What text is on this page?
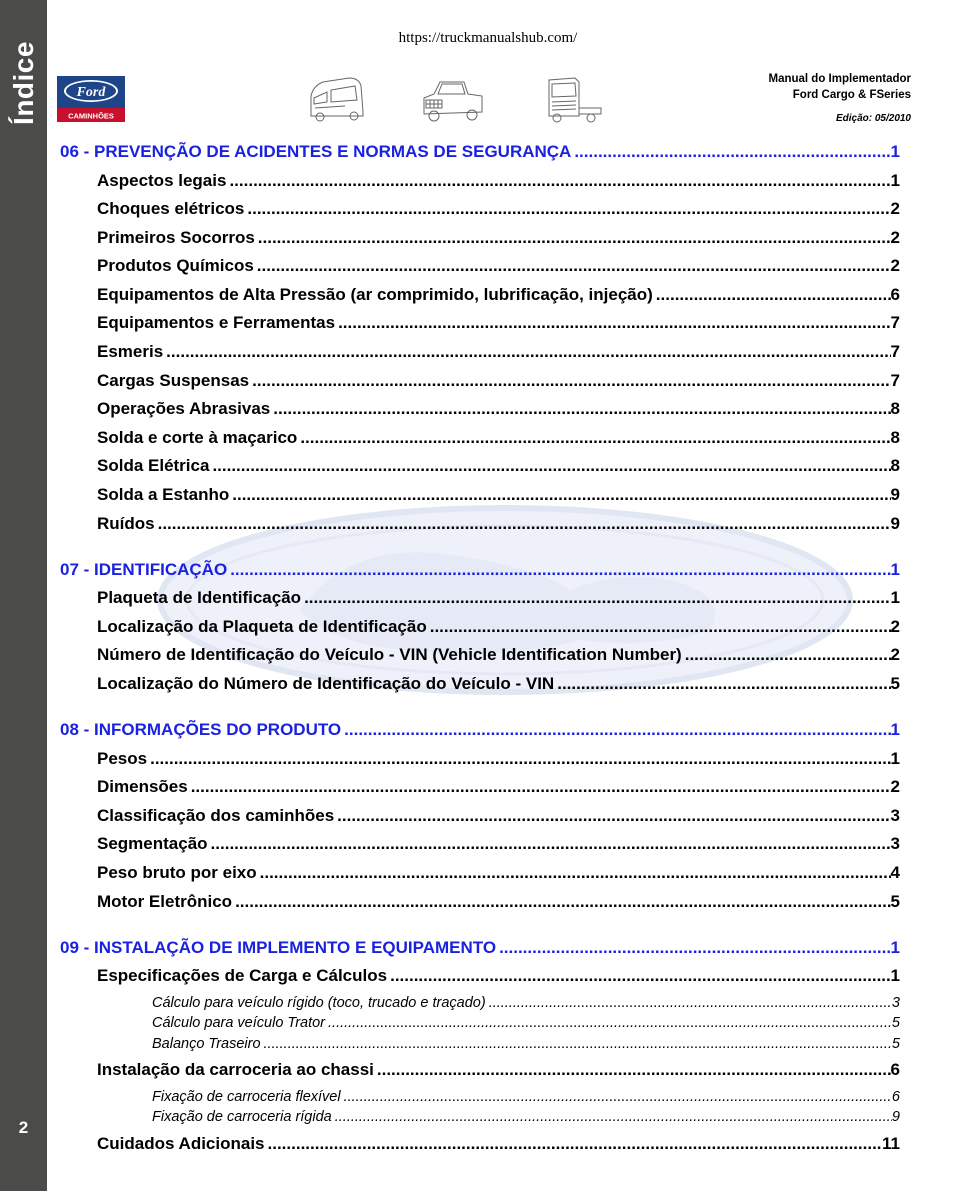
Índice
2
https://truckmanualshub.com/
Ford
CAMINHÕES
Manual do Implementador
Ford Cargo & FSeries
Edição: 05/2010
06 - PREVENÇÃO DE ACIDENTES E NORMAS DE SEGURANÇA .....	1
Aspectos legais .....	1
Choques elétricos .....	2
Primeiros Socorros .....	2
Produtos Químicos .....	2
Equipamentos de Alta Pressão (ar comprimido, lubrificação, injeção) .....	6
Equipamentos e Ferramentas .....	7
Esmeris .....	7
Cargas Suspensas .....	7
Operações Abrasivas .....	8
Solda e corte à maçarico .....	8
Solda Elétrica .....	8
Solda a Estanho .....	9
Ruídos .....	9
07 - IDENTIFICAÇÃO .....	1
Plaqueta de Identificação .....	1
Localização da Plaqueta de Identificação .....	2
Número de Identificação do Veículo - VIN (Vehicle Identification Number) .....	2
Localização do Número de Identificação do Veículo - VIN .....	5
08 - INFORMAÇÕES DO PRODUTO .....	1
Pesos .....	1
Dimensões .....	2
Classificação dos caminhões .....	3
Segmentação .....	3
Peso bruto por eixo .....	4
Motor Eletrônico .....	5
09 - INSTALAÇÃO DE IMPLEMENTO E EQUIPAMENTO .....	1
Especificações de Carga e Cálculos .....	1
Cálculo para veículo rígido (toco, trucado e traçado) .....	3
Cálculo para veículo Trator .....	5
Balanço Traseiro .....	5
Instalação da carroceria ao chassi .....	6
Fixação de carroceria flexível .....	6
Fixação de carroceria rígida .....	9
Cuidados Adicionais .....	11
